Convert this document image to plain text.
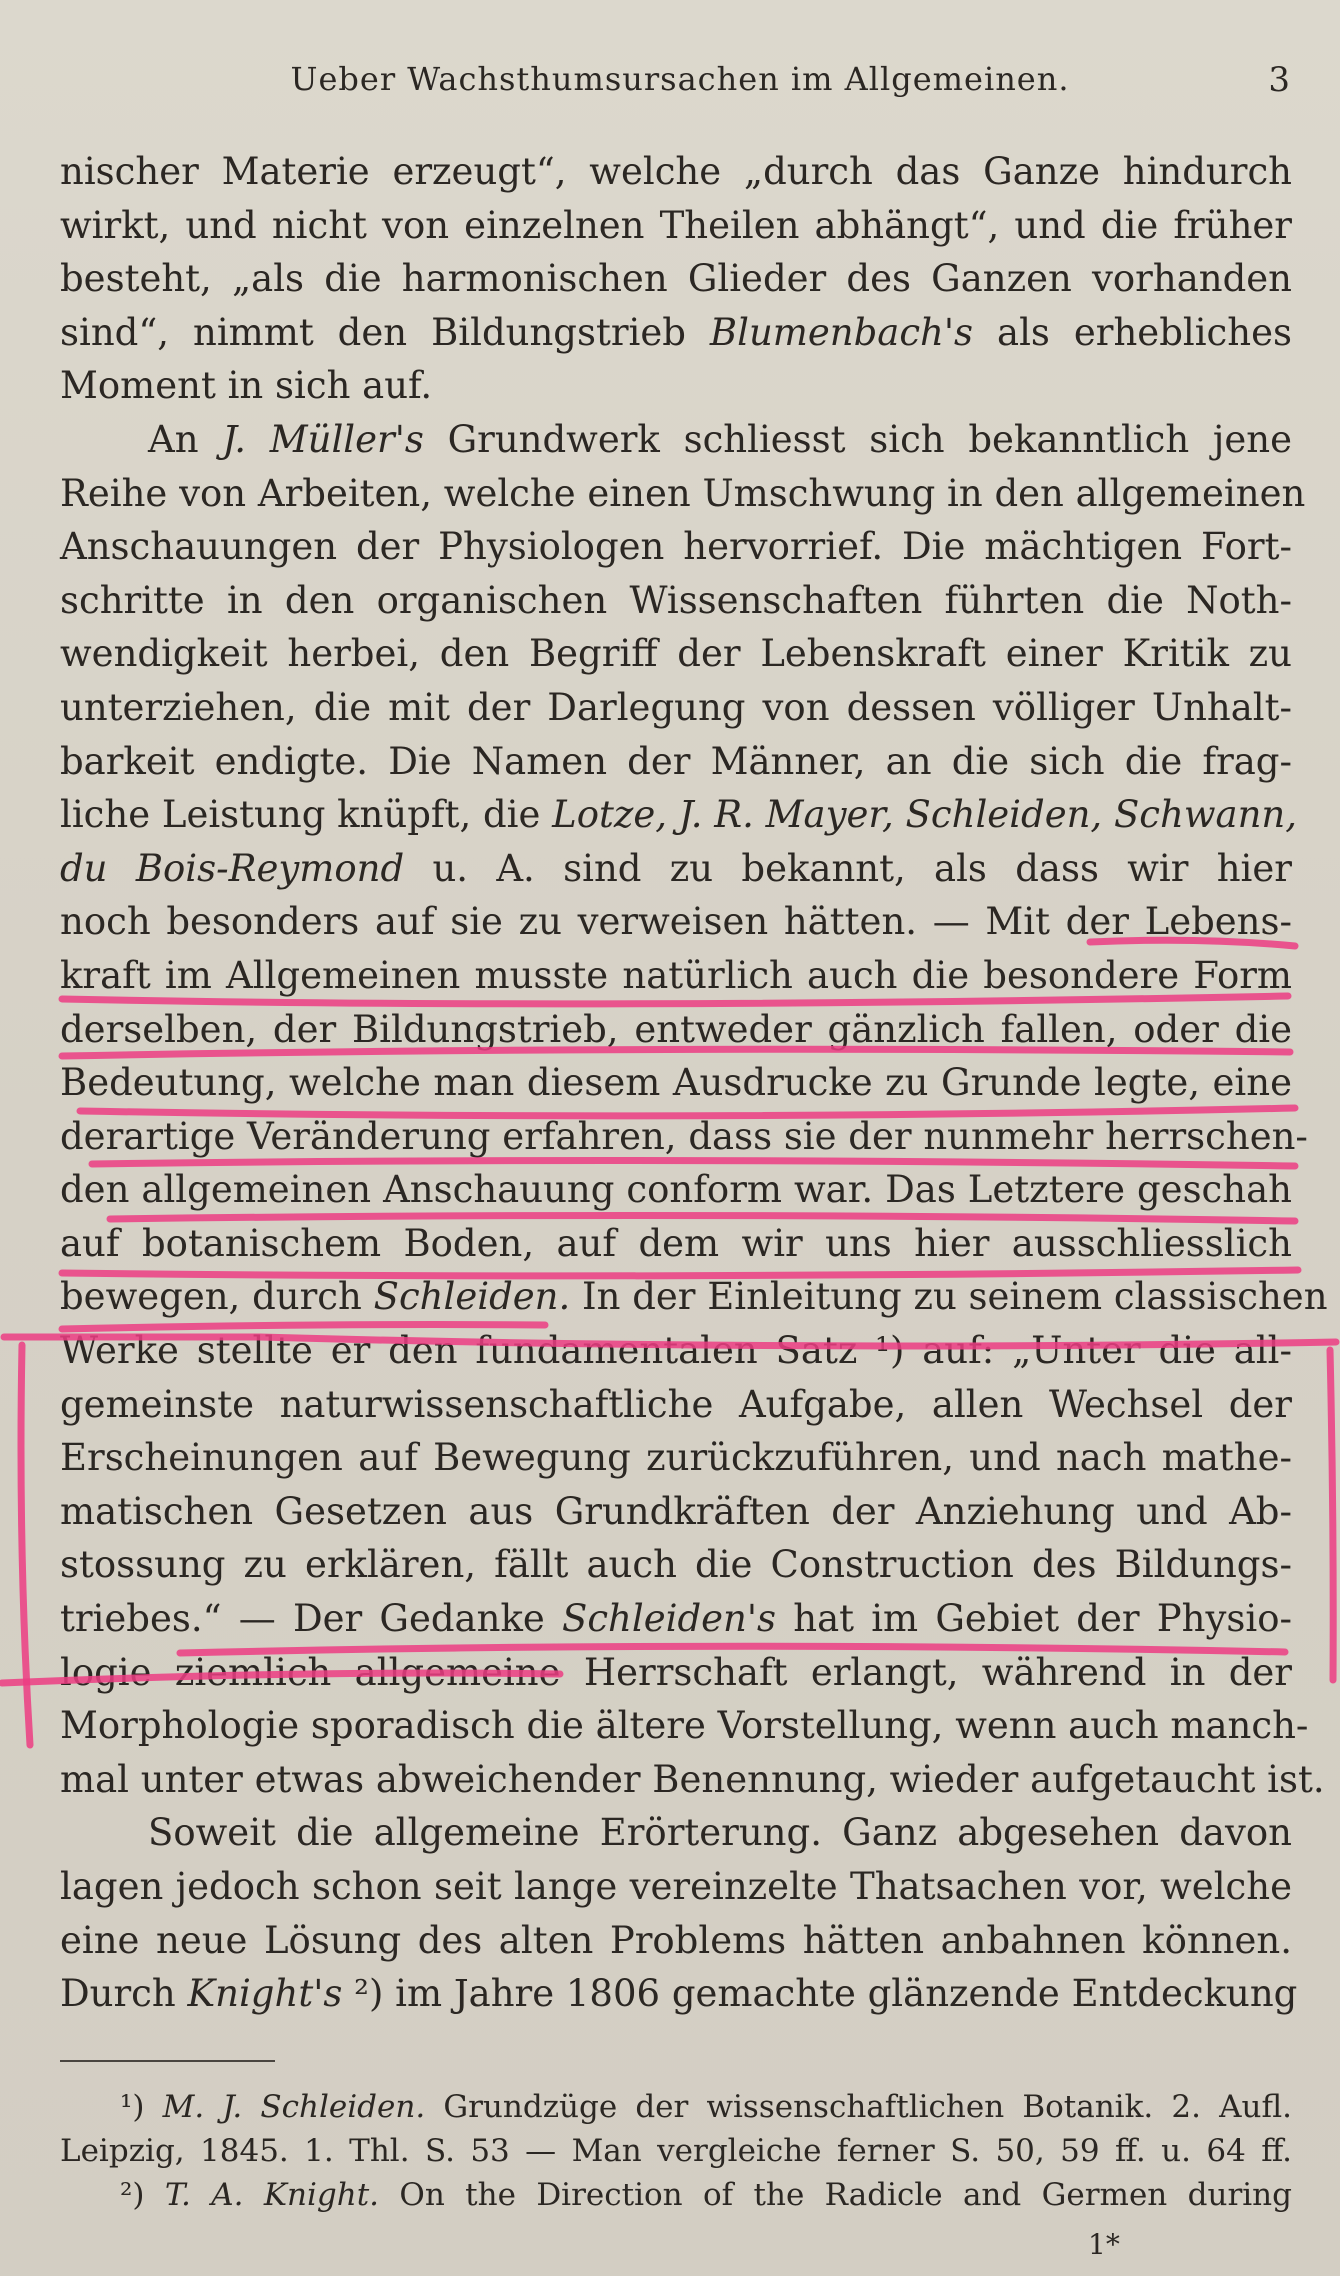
Ueber Wachsthumsursachen im Allgemeinen.	3
nischer Materie erzeugt“, welche „durch das Ganze hindurch
wirkt, und nicht von einzelnen Theilen abhängt“, und die früher
besteht, „als die harmonischen Glieder des Ganzen vorhanden
sind“, nimmt den Bildungstrieb Blumenbach's als erhebliches
Moment in sich auf.
An J. Müller's Grundwerk schliesst sich bekanntlich jene
Reihe von Arbeiten, welche einen Umschwung in den allgemeinen
Anschauungen der Physiologen hervorrief. Die mächtigen Fort-
schritte in den organischen Wissenschaften führten die Noth-
wendigkeit herbei, den Begriff der Lebenskraft einer Kritik zu
unterziehen, die mit der Darlegung von dessen völliger Unhalt-
barkeit endigte. Die Namen der Männer, an die sich die frag-
liche Leistung knüpft, die Lotze, J. R. Mayer, Schleiden, Schwann,
du Bois-Reymond u. A. sind zu bekannt, als dass wir hier
noch besonders auf sie zu verweisen hätten. — Mit der Lebens-
kraft im Allgemeinen musste natürlich auch die besondere Form
derselben, der Bildungstrieb, entweder gänzlich fallen, oder die
Bedeutung, welche man diesem Ausdrucke zu Grunde legte, eine
derartige Veränderung erfahren, dass sie der nunmehr herrschen-
den allgemeinen Anschauung conform war. Das Letztere geschah
auf botanischem Boden, auf dem wir uns hier ausschliesslich
bewegen, durch Schleiden. In der Einleitung zu seinem classischen
Werke stellte er den fundamentalen Satz ¹) auf: „Unter die all-
gemeinste naturwissenschaftliche Aufgabe, allen Wechsel der
Erscheinungen auf Bewegung zurückzuführen, und nach mathe-
matischen Gesetzen aus Grundkräften der Anziehung und Ab-
stossung zu erklären, fällt auch die Construction des Bildungs-
triebes.“ — Der Gedanke Schleiden's hat im Gebiet der Physio-
logie ziemlich allgemeine Herrschaft erlangt, während in der
Morphologie sporadisch die ältere Vorstellung, wenn auch manch-
mal unter etwas abweichender Benennung, wieder aufgetaucht ist.
Soweit die allgemeine Erörterung. Ganz abgesehen davon
lagen jedoch schon seit lange vereinzelte Thatsachen vor, welche
eine neue Lösung des alten Problems hätten anbahnen können.
Durch Knight's ²) im Jahre 1806 gemachte glänzende Entdeckung
¹) M. J. Schleiden. Grundzüge der wissenschaftlichen Botanik. 2. Aufl.
Leipzig, 1845. 1. Thl. S. 53 — Man vergleiche ferner S. 50, 59 ff. u. 64 ff.
²) T. A. Knight. On the Direction of the Radicle and Germen during
1*
